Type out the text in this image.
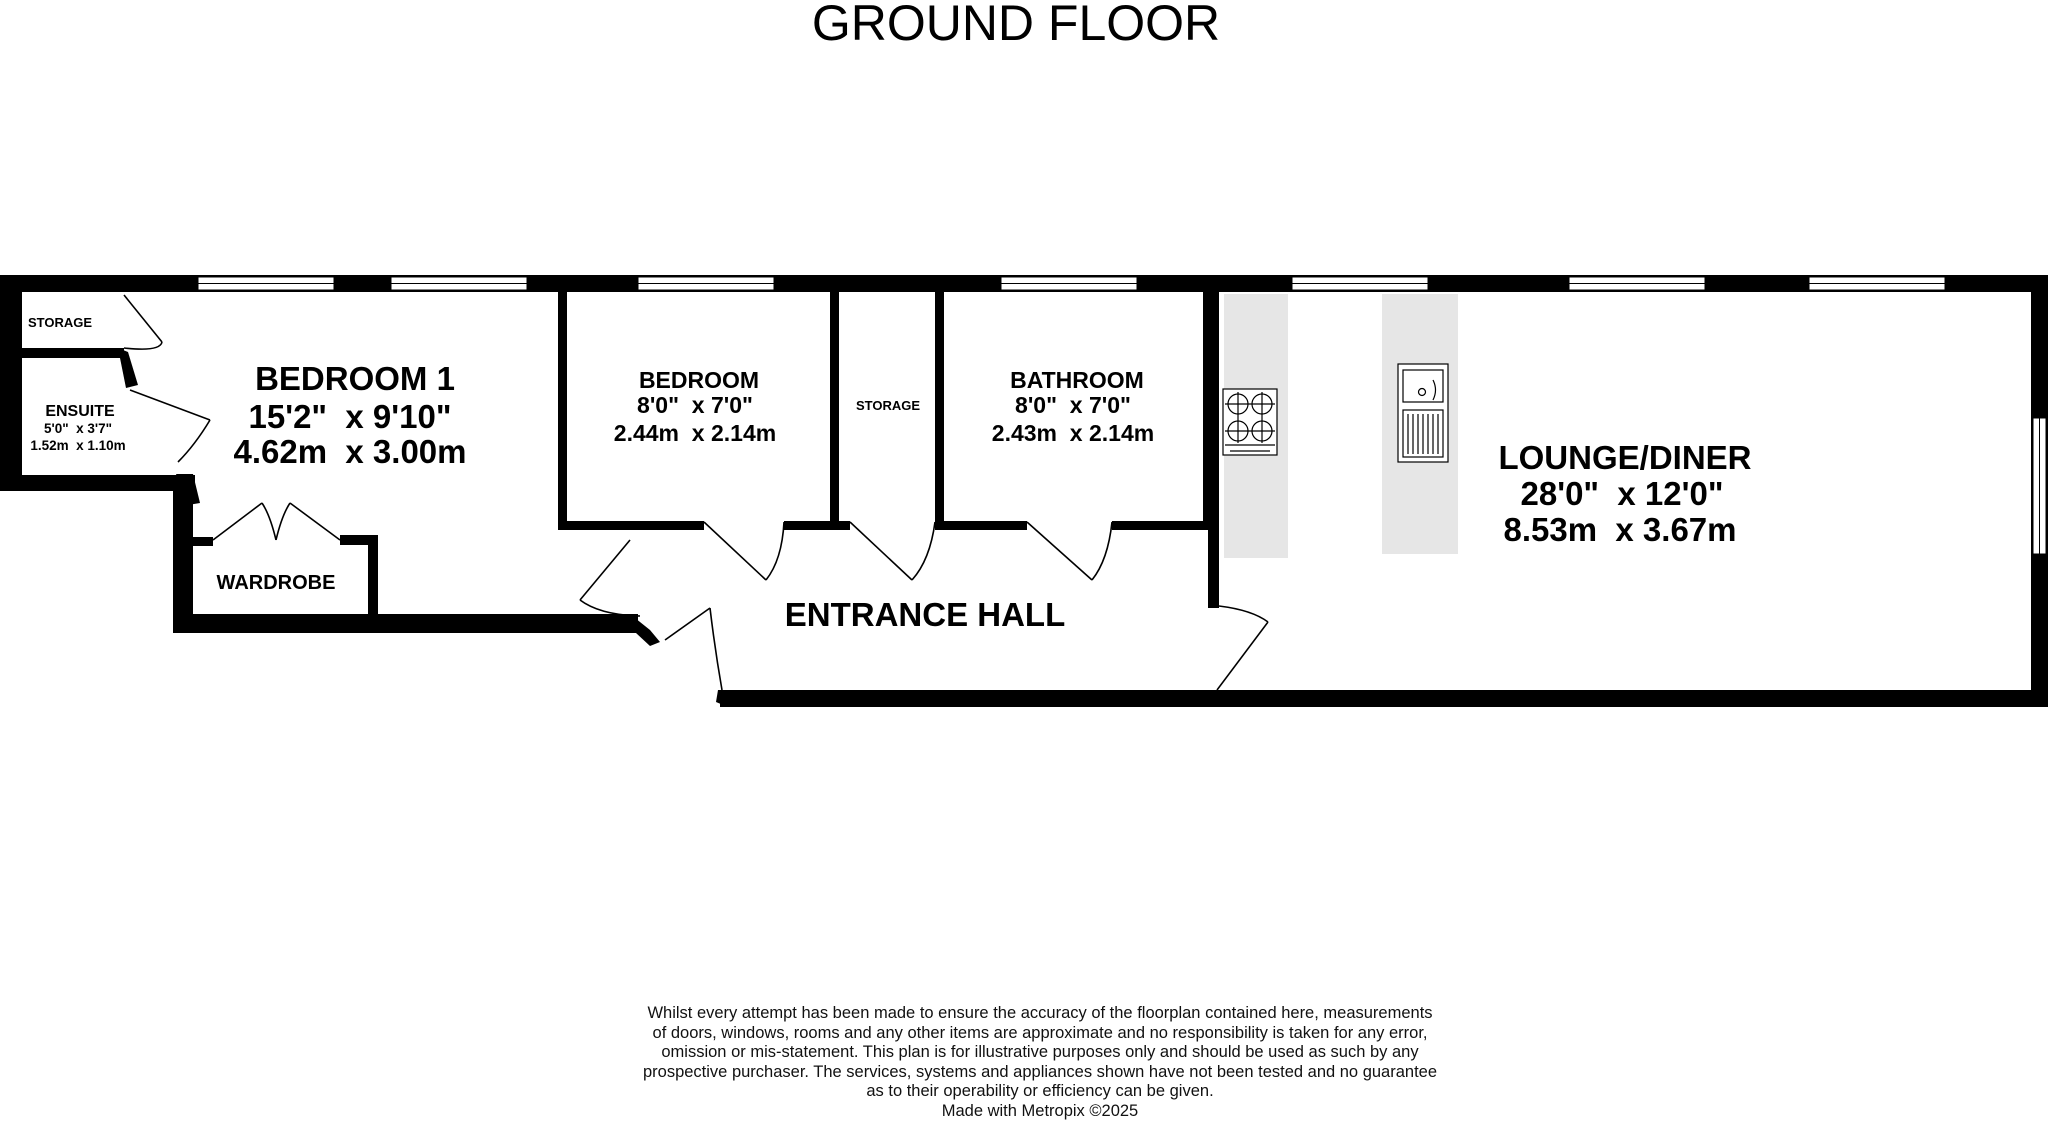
GROUND FLOOR
BEDROOM 1
15'2"  x 9'10"
4.62m  x 3.00m
STORAGE
ENSUITE
5'0"  x 3'7"
1.52m  x 1.10m
WARDROBE
BEDROOM
8'0"  x 7'0"
2.44m  x 2.14m
STORAGE
BATHROOM
8'0"  x 7'0"
2.43m  x 2.14m
ENTRANCE HALL
LOUNGE/DINER
28'0"  x 12'0"
8.53m  x 3.67m
Whilst every attempt has been made to ensure the accuracy of the floorplan contained here, measurements
of doors, windows, rooms and any other items are approximate and no responsibility is taken for any error,
omission or mis-statement. This plan is for illustrative purposes only and should be used as such by any
prospective purchaser. The services, systems and appliances shown have not been tested and no guarantee
as to their operability or efficiency can be given.
Made with Metropix ©2025
